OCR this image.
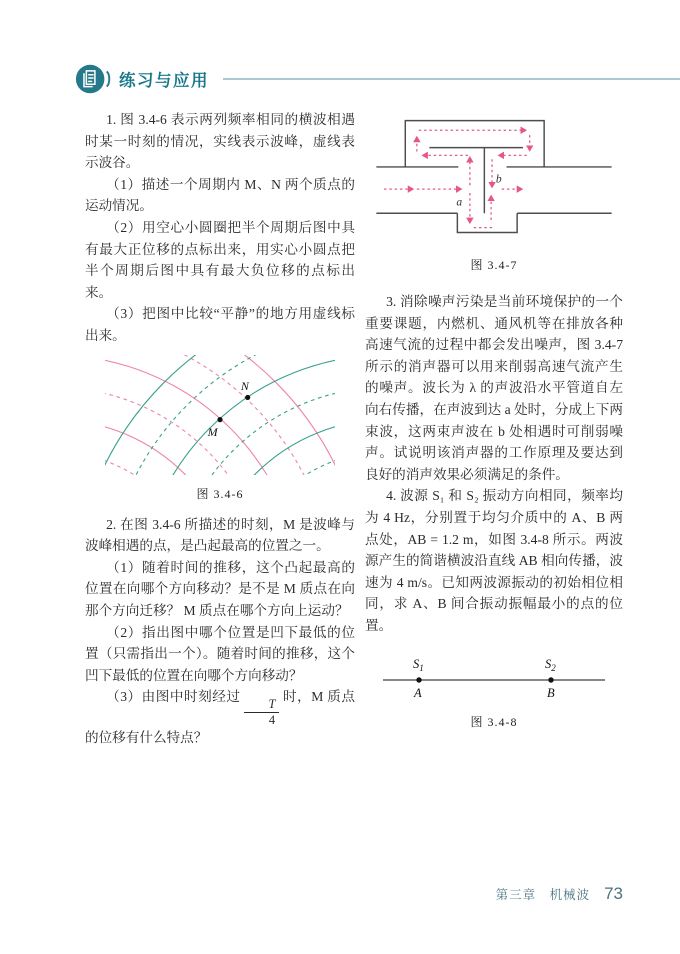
练习与应用

1. 图 3.4-6 表示两列频率相同的横波相遇时某一时刻的情况，实线表示波峰，虚线表示波谷。

（1）描述一个周期内 M、N 两个质点的运动情况。

（2）用空心小圆圈把半个周期后图中具有最大正位移的点标出来，用实心小圆点把半个周期后图中具有最大负位移的点标出来。

（3）把图中比较“平静”的地方用虚线标出来。

M
N
图 3.4-6

2. 在图 3.4-6 所描述的时刻，M 是波峰与波峰相遇的点，是凸起最高的位置之一。

（1）随着时间的推移，这个凸起最高的位置在向哪个方向移动？是不是 M 质点在向那个方向迁移？ M 质点在哪个方向上运动？

（2）指出图中哪个位置是凹下最低的位置（只需指出一个）。随着时间的推移，这个凹下最低的位置在向哪个方向移动？

（3）由图中时刻经过
$\frac{T}{4}$
时，M 质点的位移有什么特点？

a
b
图 3.4-7

3. 消除噪声污染是当前环境保护的一个重要课题，内燃机、通风机等在排放各种高速气流的过程中都会发出噪声，图 3.4-7 所示的消声器可以用来削弱高速气流产生的噪声。波长为 λ 的声波沿水平管道自左向右传播，在声波到达 a 处时，分成上下两束波，这两束声波在 b 处相遇时可削弱噪声。试说明该消声器的工作原理及要达到良好的消声效果必须满足的条件。

4. 波源 S₁ 和 S₂ 振动方向相同，频率均为 4 Hz，分别置于均匀介质中的 A、B 两点处，AB = 1.2 m，如图 3.4-8 所示。两波源产生的简谐横波沿直线 AB 相向传播，波速为 4 m/s。已知两波源振动的初始相位相同，求 A、B 间合振动振幅最小的点的位置。

$S_1$
A
$S_2$
B
图 3.4-8
第三章　机械波 73
